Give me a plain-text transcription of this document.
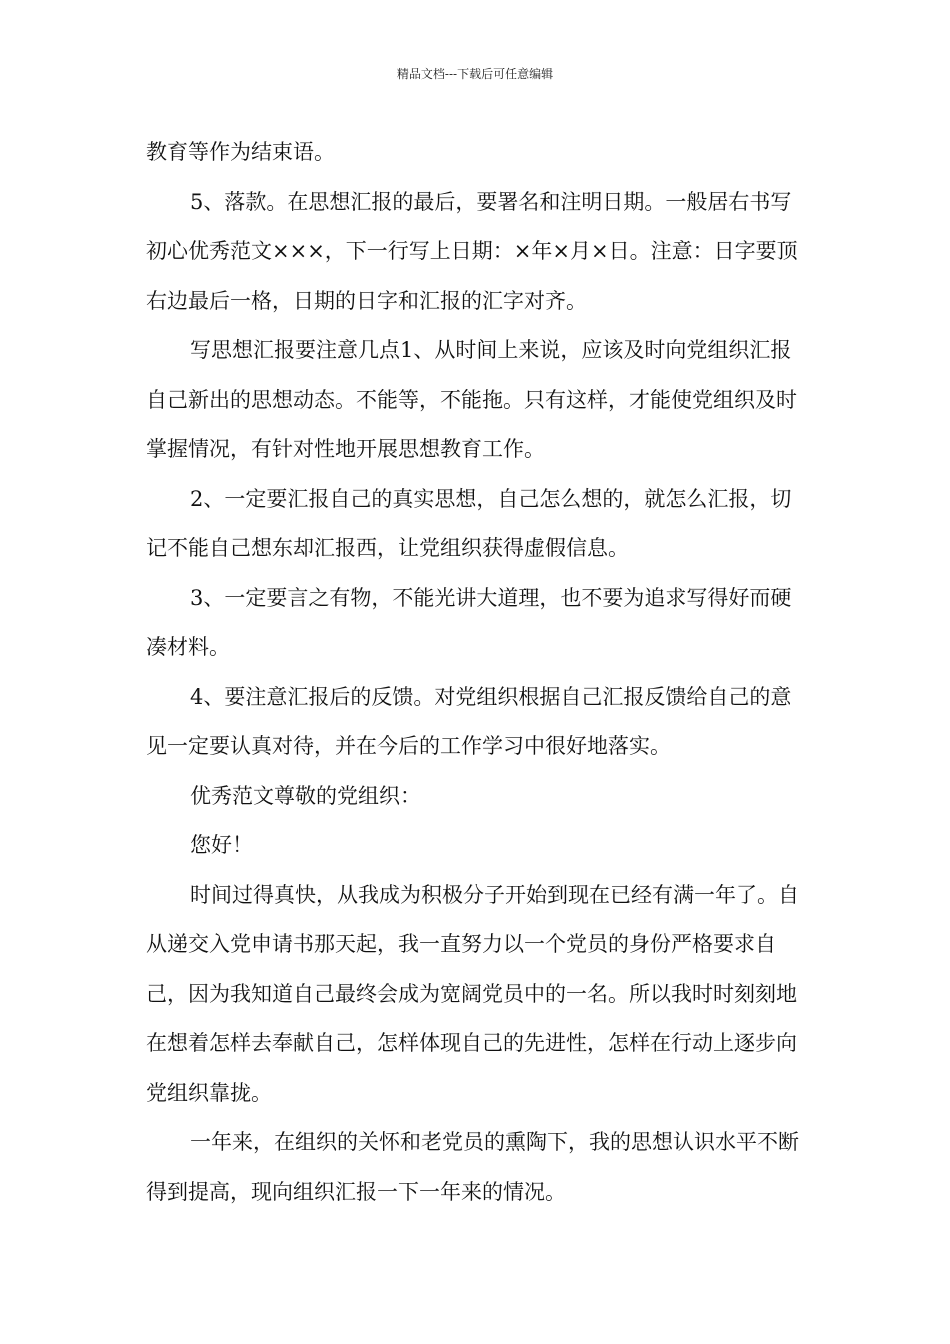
精品文档---下载后可任意编辑

教育等作为结束语。

5、落款。在思想汇报的最后，要署名和注明日期。一般居右书写初心优秀范文×××，下一行写上日期：×年×月×日。注意：日字要顶右边最后一格，日期的日字和汇报的汇字对齐。

写思想汇报要注意几点1、从时间上来说，应该及时向党组织汇报自己新出的思想动态。不能等，不能拖。只有这样，才能使党组织及时掌握情况，有针对性地开展思想教育工作。

2、一定要汇报自己的真实思想，自己怎么想的，就怎么汇报，切记不能自己想东却汇报西，让党组织获得虚假信息。

3、一定要言之有物，不能光讲大道理，也不要为追求写得好而硬凑材料。

4、要注意汇报后的反馈。对党组织根据自己汇报反馈给自己的意见一定要认真对待，并在今后的工作学习中很好地落实。

优秀范文尊敬的党组织：

您好！

时间过得真快，从我成为积极分子开始到现在已经有满一年了。自从递交入党申请书那天起，我一直努力以一个党员的身份严格要求自己，因为我知道自己最终会成为宽阔党员中的一名。所以我时时刻刻地在想着怎样去奉献自己，怎样体现自己的先进性，怎样在行动上逐步向党组织靠拢。

一年来，在组织的关怀和老党员的熏陶下，我的思想认识水平不断得到提高，现向组织汇报一下一年来的情况。
